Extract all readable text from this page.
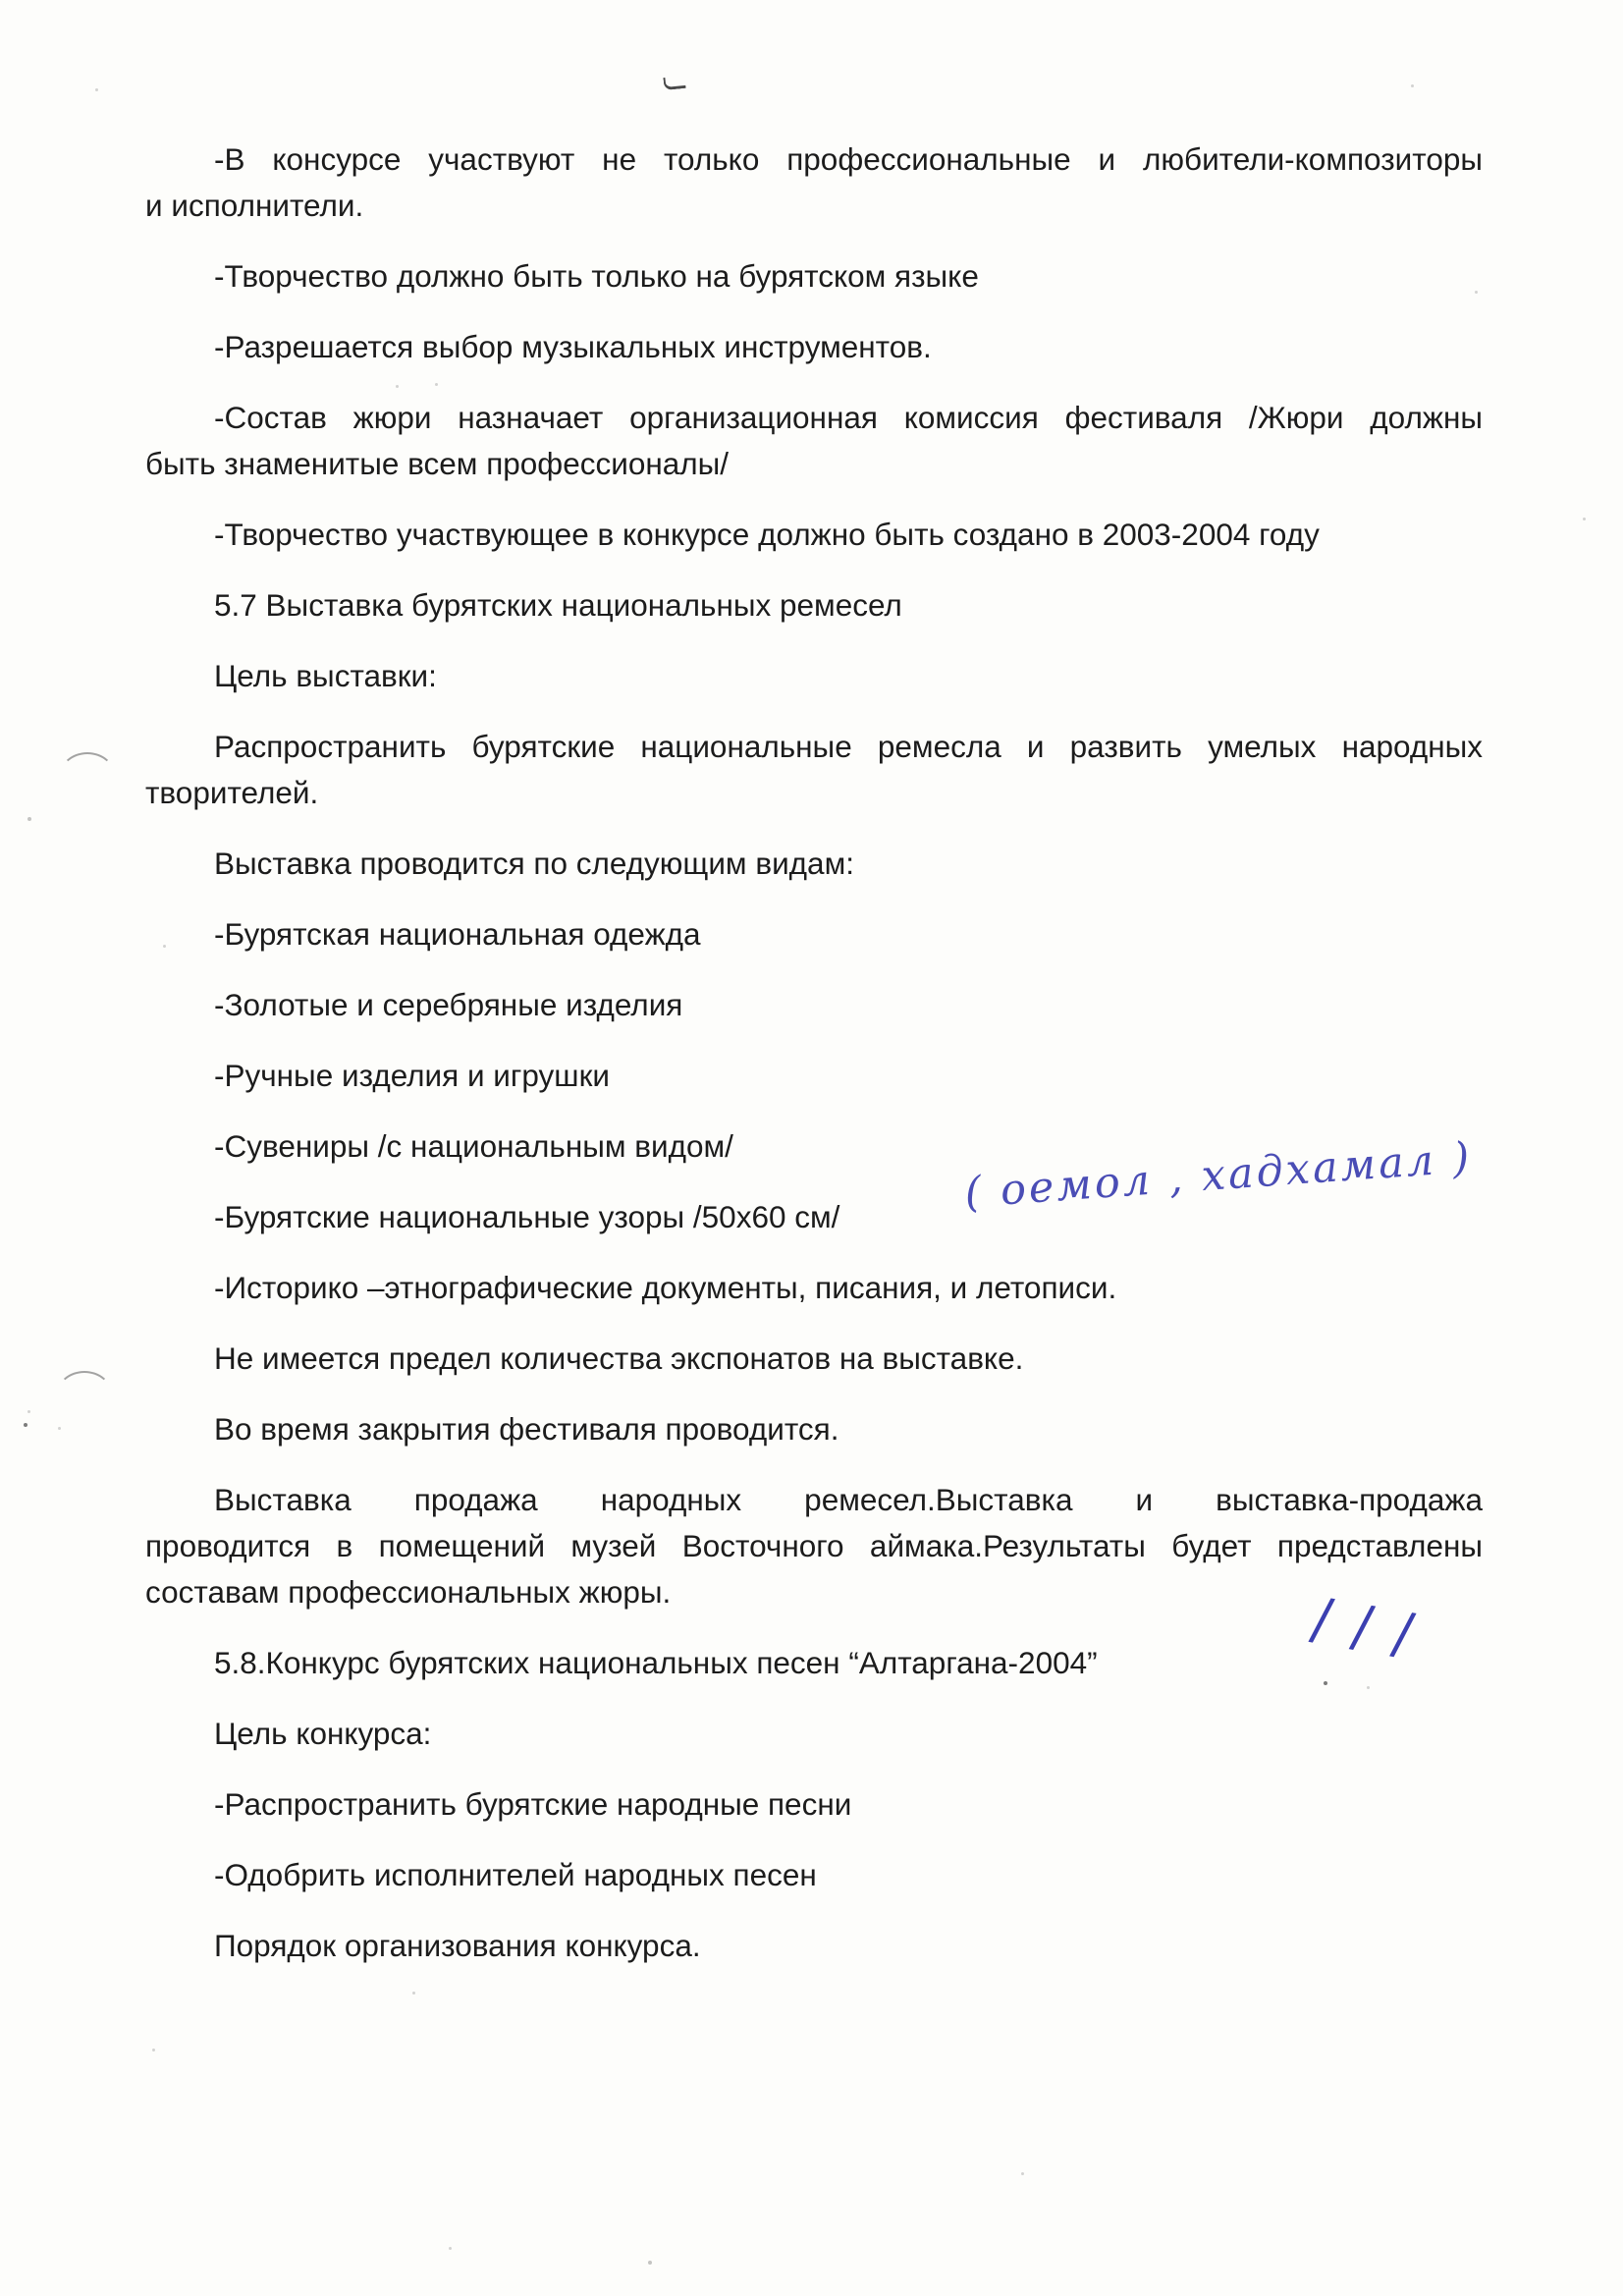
-В консурсе участвуют не только профессиональные и любители-композиторы
и исполнители.
-Творчество должно быть только на бурятском языке
-Разрешается выбор музыкальных инструментов.
-Состав жюри назначает организационная комиссия фестиваля /Жюри должны
быть знаменитые всем профессионалы/
-Творчество участвующее в конкурсе должно быть создано в 2003-2004 году
5.7 Выставка бурятских национальных ремесел
Цель выставки:
Распространить бурятские национальные ремесла и развить умелых народных
творителей.
Выставка проводится по следующим видам:
-Бурятская национальная одежда
-Золотые и серебряные изделия
-Ручные изделия и игрушки
-Сувениры /с национальным видом/
-Бурятские национальные узоры /50x60 см/
-Историко –этнографические документы, писания, и летописи.
Не имеется предел количества экспонатов на выставке.
Во время закрытия фестиваля проводится.
Выставка продажа народных ремесел.Выставка и выставка-продажа
проводится в помещений музей Восточного аймака.Результаты будет представлены
составам профессиональных жюры.
5.8.Конкурс бурятских национальных песен “Алтаргана-2004”
Цель конкурса:
-Распространить бурятские народные песни
-Одобрить исполнителей народных песен
Порядок организования конкурса.
( оемол , хадхамал )
/ / /
